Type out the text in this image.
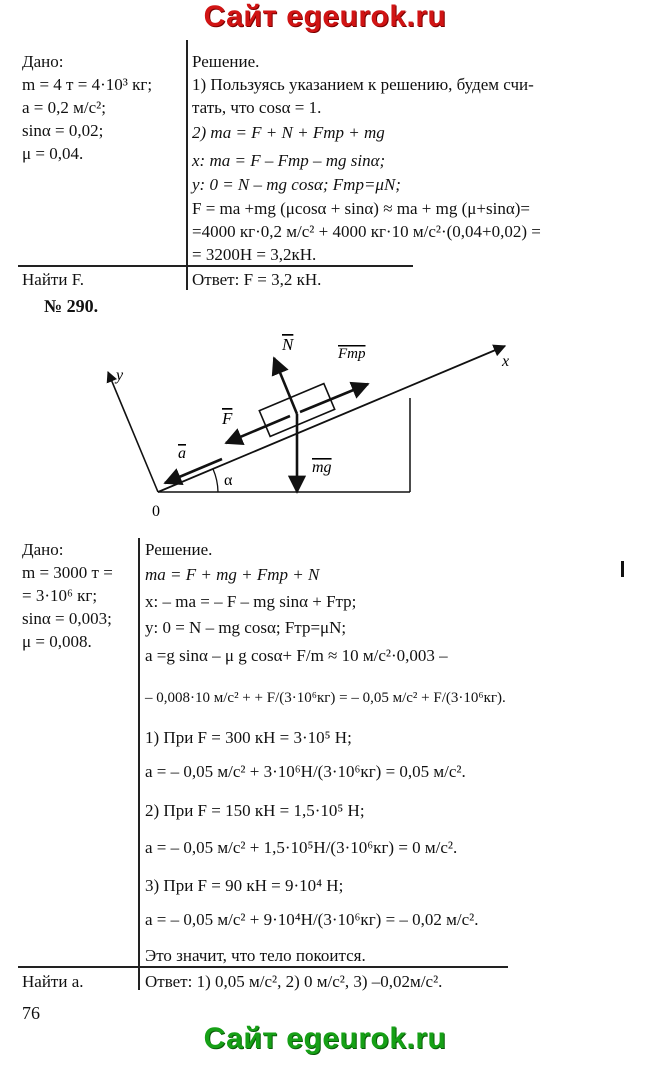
Сайт egeurok.ru
Сайт egeurok.ru
Дано:
m = 4 т = 4·10³ кг;
a = 0,2 м/с²;
sinα = 0,02;
μ = 0,04.
Найти F.
Решение.
1) Пользуясь указанием к решению, будем счи-
тать, что cosα = 1.
2) ma = F + N + Fтр + mg
x: ma = F – Fтр – mg sinα;
y: 0 = N – mg cosα; Fтр=μN;
F = ma +mg (μcosα + sinα) ≈ ma + mg (μ+sinα)=
=4000 кг·0,2 м/с² + 4000 кг·10 м/с²·(0,04+0,02) =
= 3200Н = 3,2кН.
Ответ: F = 3,2 кН.
№ 290.
N	Fтр
F
a
mg
x
y
α
0
Дано:
m = 3000 т =
= 3·10⁶ кг;
sinα = 0,003;
μ = 0,008.
Найти a.
Решение.
ma = F + mg + Fтр + N
x: – ma = – F – mg sinα + Fтр;
y: 0 = N – mg cosα; Fтр=μN;
a =g sinα – μ g cosα+ F/m ≈ 10 м/с²·0,003 –
– 0,008·10 м/с² + + F/(3·10⁶кг) = – 0,05 м/с² + F/(3·10⁶кг).
1) При F = 300 кН = 3·10⁵ Н;
a = – 0,05 м/с² + 3·10⁶Н/(3·10⁶кг) = 0,05 м/с².
2) При F = 150 кН = 1,5·10⁵ Н;
a = – 0,05 м/с² + 1,5·10⁵Н/(3·10⁶кг) = 0 м/с².
3) При F = 90 кН = 9·10⁴ Н;
a = – 0,05 м/с² + 9·10⁴Н/(3·10⁶кг) = – 0,02 м/с².
Это значит, что тело покоится.
Ответ: 1) 0,05 м/с², 2) 0 м/с², 3) –0,02м/с².
76
